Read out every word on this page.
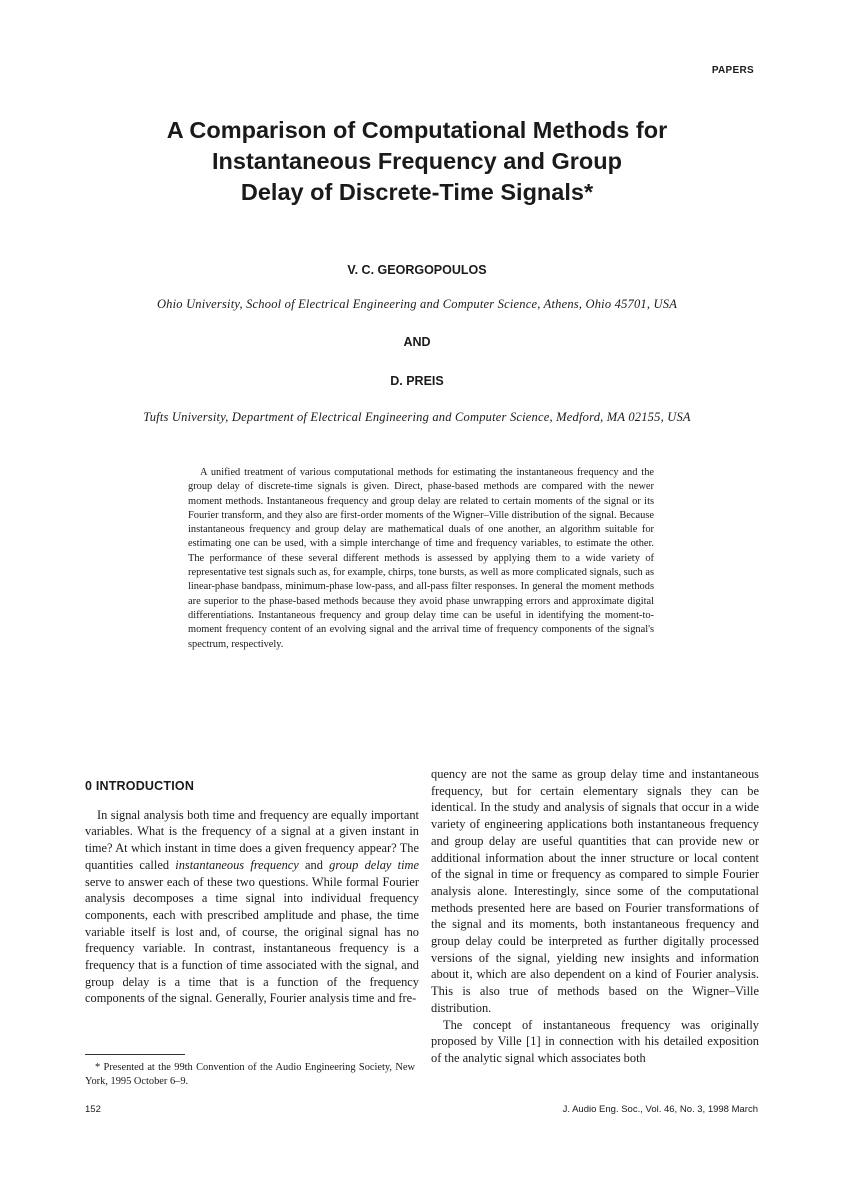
PAPERS
A Comparison of Computational Methods for
Instantaneous Frequency and Group
Delay of Discrete-Time Signals*
V. C. GEORGOPOULOS
Ohio University, School of Electrical Engineering and Computer Science, Athens, Ohio 45701, USA
AND
D. PREIS
Tufts University, Department of Electrical Engineering and Computer Science, Medford, MA 02155, USA

A unified treatment of various computational methods for estimating the instantaneous frequency and the group delay of discrete-time signals is given. Direct, phase-based methods are compared with the newer moment methods. Instantaneous frequency and group delay are related to certain moments of the signal or its Fourier transform, and they also are first-order moments of the Wigner–Ville distribution of the signal. Because instantaneous frequency and group delay are mathematical duals of one another, an algorithm suitable for estimating one can be used, with a simple interchange of time and frequency variables, to estimate the other. The performance of these several different methods is assessed by applying them to a wide variety of representative test signals such as, for example, chirps, tone bursts, as well as more complicated signals, such as linear-phase bandpass, minimum-phase low-pass, and all-pass filter responses. In general the moment methods are superior to the phase-based methods because they avoid phase unwrapping errors and approximate digital differentiations. Instantaneous frequency and group delay time can be useful in identifying the moment-to-moment frequency content of an evolving signal and the arrival time of frequency components of the signal's spectrum, respectively.

0 INTRODUCTION

In signal analysis both time and frequency are equally important variables. What is the frequency of a signal at a given instant in time? At which instant in time does a given frequency appear? The quantities called instantaneous frequency and group delay time serve to answer each of these two questions. While formal Fourier analysis decomposes a time signal into individual frequency components, each with prescribed amplitude and phase, the time variable itself is lost and, of course, the original signal has no frequency variable. In contrast, instantaneous frequency is a frequency that is a function of time associated with the signal, and group delay is a time that is a function of the frequency components of the signal. Generally, Fourier analysis time and fre-

quency are not the same as group delay time and instantaneous frequency, but for certain elementary signals they can be identical. In the study and analysis of signals that occur in a wide variety of engineering applications both instantaneous frequency and group delay are useful quantities that can provide new or additional information about the inner structure or local content of the signal in time or frequency as compared to simple Fourier analysis alone. Interestingly, since some of the computational methods presented here are based on Fourier transformations of the signal and its moments, both instantaneous frequency and group delay could be interpreted as further digitally processed versions of the signal, yielding new insights and information about it, which are also dependent on a kind of Fourier analysis. This is also true of methods based on the Wigner–Ville distribution.

The concept of instantaneous frequency was originally proposed by Ville [1] in connection with his detailed exposition of the analytic signal which associates both

* Presented at the 99th Convention of the Audio Engineering Society, New York, 1995 October 6–9.

152	J. Audio Eng. Soc., Vol. 46, No. 3, 1998 March
